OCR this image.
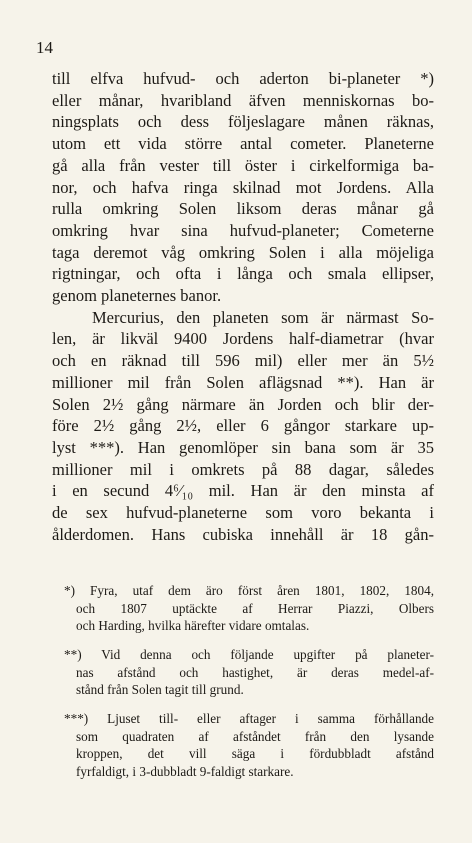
14
till elfva hufvud- och aderton bi-planeter *)
eller månar, hvaribland äfven menniskornas bo-
ningsplats och dess följeslagare månen räknas,
utom ett vida större antal cometer. Planeterne
gå alla från vester till öster i cirkelformiga ba-
nor, och hafva ringa skilnad mot Jordens. Alla
rulla omkring Solen liksom deras månar gå
omkring hvar sina hufvud-planeter; Cometerne
taga deremot våg omkring Solen i alla möjeliga
rigtningar, och ofta i långa och smala ellipser,
genom planeternes banor.
Mercurius, den planeten som är närmast So-
len, är likväl 9400 Jordens half-diametrar (hvar
och en räknad till 596 mil) eller mer än 5½
millioner mil från Solen aflägsnad **). Han är
Solen 2½ gång närmare än Jorden och blir der-
före 2½ gång 2½, eller 6 gångor starkare up-
lyst ***). Han genomlöper sin bana som är 35
millioner mil i omkrets på 88 dagar, således
i en secund 4⁶⁄₁₀ mil. Han är den minsta af
de sex hufvud-planeterne som voro bekanta i
ålderdomen. Hans cubiska innehåll är 18 gån-
*) Fyra, utaf dem äro först åren 1801, 1802, 1804,
och 1807 uptäckte af Herrar Piazzi, Olbers
och Harding, hvilka härefter vidare omtalas.
**) Vid denna och följande upgifter på planeter-
nas afstånd och hastighet, är deras medel-af-
stånd från Solen tagit till grund.
***) Ljuset till- eller aftager i samma förhållande
som quadraten af afståndet från den lysande
kroppen, det vill säga i fördubbladt afstånd
fyrfaldigt, i 3-dubbladt 9-faldigt starkare.
